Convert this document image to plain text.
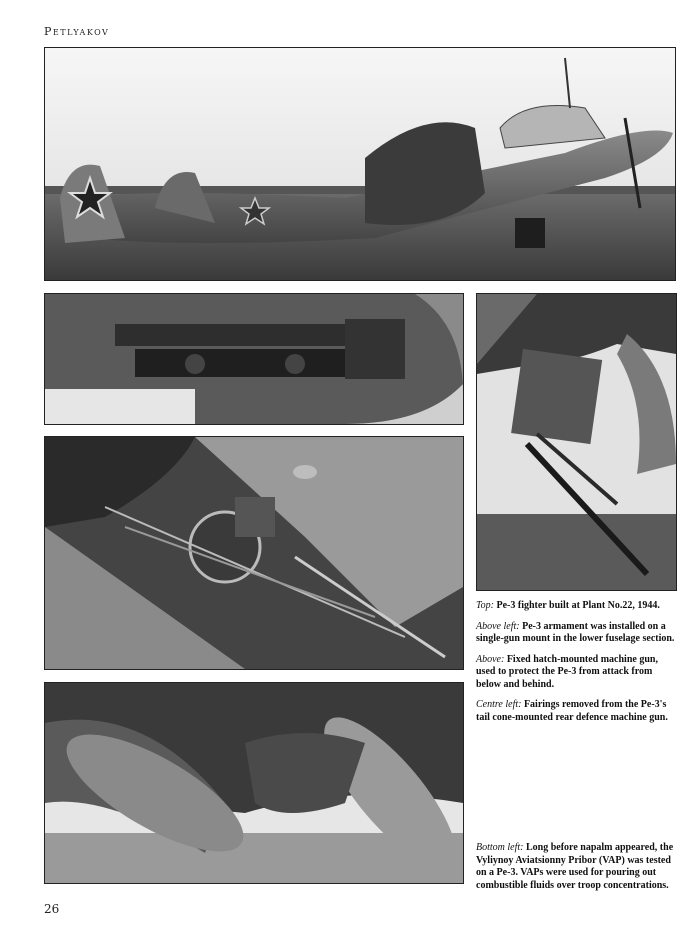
Petlyakov

Top: Pe-3 fighter built at Plant No.22, 1944.

Above left: Pe-3 armament was installed on a single-gun mount in the lower fuselage section.

Above: Fixed hatch-mounted machine gun, used to protect the Pe-3 from attack from below and behind.

Centre left: Fairings removed from the Pe-3's tail cone-mounted rear defence machine gun.

Bottom left: Long before napalm appeared, the Vyliynoy Aviatsionny Pribor (VAP) was tested on a Pe-3. VAPs were used for pouring out combustible fluids over troop concentrations.

26
